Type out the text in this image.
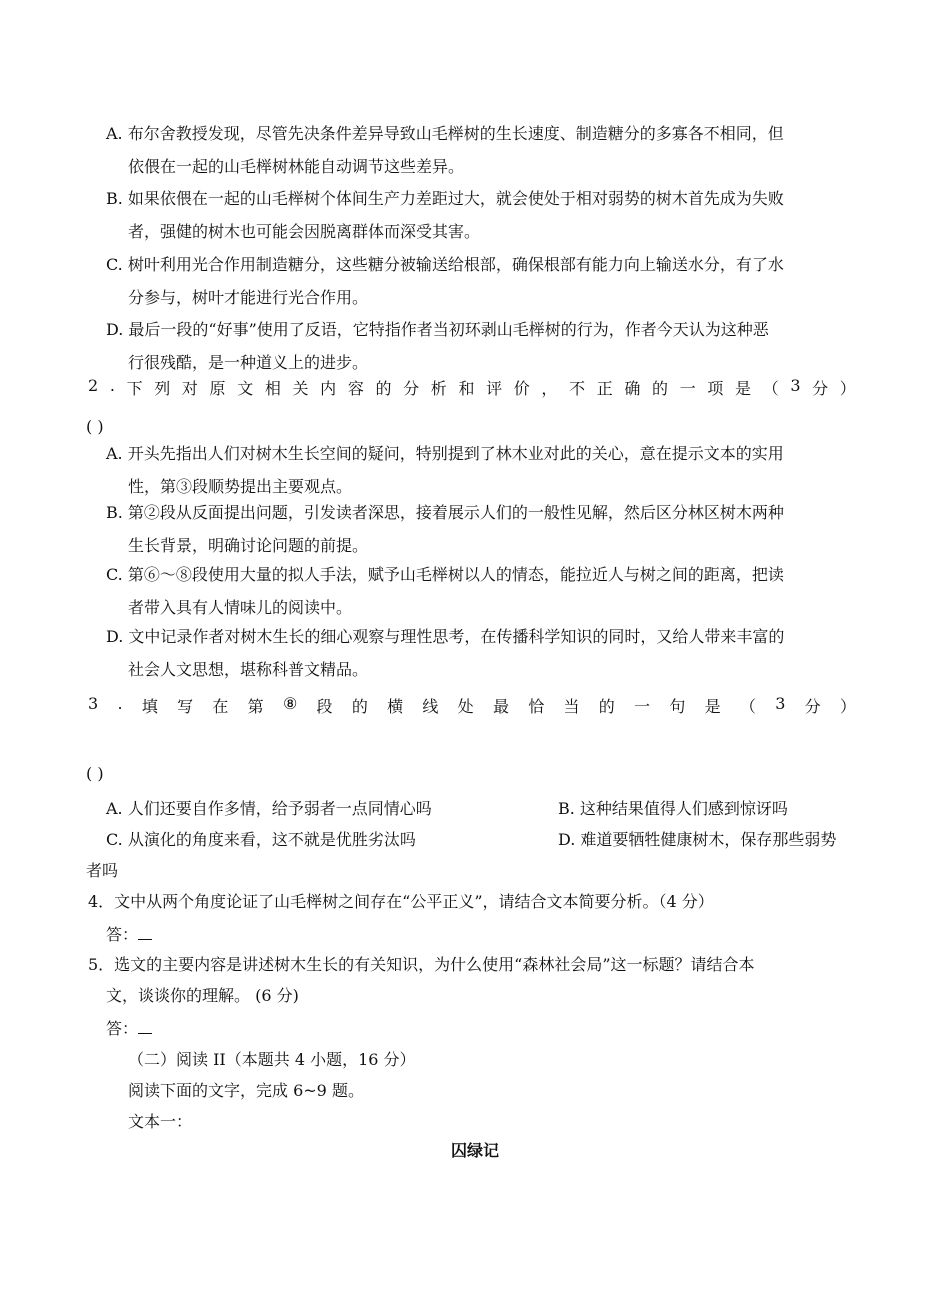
A. 布尔舍教授发现，尽管先决条件差异导致山毛榉树的生长速度、制造糖分的多寡各不相同，但
依偎在一起的山毛榉树林能自动调节这些差异。
B. 如果依偎在一起的山毛榉树个体间生产力差距过大，就会使处于相对弱势的树木首先成为失败
者，强健的树木也可能会因脱离群体而深受其害。
C. 树叶利用光合作用制造糖分，这些糖分被输送给根部，确保根部有能力向上输送水分，有了水
分参与，树叶才能进行光合作用。
D. 最后一段的“好事”使用了反语，它特指作者当初环剥山毛榉树的行为，作者今天认为这种恶
行很残酷，是一种道义上的进步。
2 . 下 列 对 原 文 相 关 内 容 的 分 析 和 评 价 ， 不 正 确 的 一 项 是 （ 3 分 ）
( )
A. 开头先指出人们对树木生长空间的疑问，特别提到了林木业对此的关心，意在提示文本的实用
性，第③段顺势提出主要观点。
B. 第②段从反面提出问题，引发读者深思，接着展示人们的一般性见解，然后区分林区树木两种
生长背景，明确讨论问题的前提。
C. 第⑥～⑧段使用大量的拟人手法，赋予山毛榉树以人的情态，能拉近人与树之间的距离，把读
者带入具有人情味儿的阅读中。
D. 文中记录作者对树木生长的细心观察与理性思考，在传播科学知识的同时，又给人带来丰富的
社会人文思想，堪称科普文精品。
3 . 填 写 在 第 ⑧ 段 的 横 线 处 最 恰 当 的 一 句 是 （ 3 分 ）
( )
A. 人们还要自作多情，给予弱者一点同情心吗	B. 这种结果值得人们感到惊讶吗
C. 从演化的角度来看，这不就是优胜劣汰吗	D. 难道要牺牲健康树木，保存那些弱势
者吗
4．文中从两个角度论证了山毛榉树之间存在“公平正义”，请结合文本简要分析。（4 分）
答：
5．选文的主要内容是讲述树木生长的有关知识，为什么使用“森林社会局”这一标题？请结合本
文，谈谈你的理解。 (6 分)
答：
（二）阅读 II（本题共 4 小题，16 分）
阅读下面的文字，完成 6~9 题。
文本一：
囚绿记
